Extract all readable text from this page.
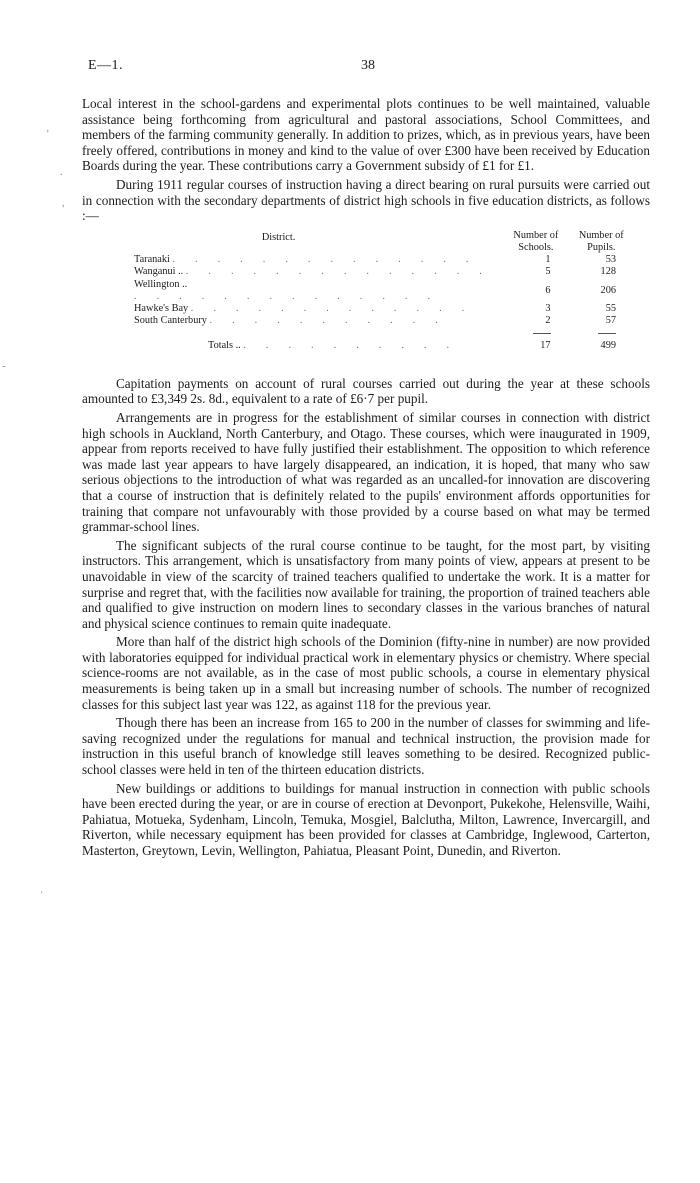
E—1.	38
‚
.
,
-
·

Local interest in the school-gardens and experimental plots continues to be well maintained, valuable assistance being forthcoming from agricultural and pastoral associations, School Committees, and members of the farming community generally. In addition to prizes, which, as in previous years, have been freely offered, contributions in money and kind to the value of over £300 have been received by Education Boards during the year. These contributions carry a Government subsidy of £1 for £1.

During 1911 regular courses of instruction having a direct bearing on rural pursuits were carried out in connection with the secondary departments of district high schools in five education districts, as follows :—

District.	Number of Schools.	Number of Pupils.
Taranaki ..............	1	53
Wanganui .. ..............	5	128
Wellington .. ..............	6	206
Hawke's Bay .............	3	55
South Canterbury ...........	2	57

Totals .. ..........	17	499

Capitation payments on account of rural courses carried out during the year at these schools amounted to £3,349 2s. 8d., equivalent to a rate of £6·7 per pupil.

Arrangements are in progress for the establishment of similar courses in connection with district high schools in Auckland, North Canterbury, and Otago. These courses, which were inaugurated in 1909, appear from reports received to have fully justified their establishment. The opposition to which reference was made last year appears to have largely disappeared, an indication, it is hoped, that many who saw serious objections to the introduction of what was regarded as an uncalled-for innovation are discovering that a course of instruction that is definitely related to the pupils' environment affords opportunities for training that compare not unfavourably with those provided by a course based on what may be termed grammar-school lines.

The significant subjects of the rural course continue to be taught, for the most part, by visiting instructors. This arrangement, which is unsatisfactory from many points of view, appears at present to be unavoidable in view of the scarcity of trained teachers qualified to undertake the work. It is a matter for surprise and regret that, with the facilities now available for training, the proportion of trained teachers able and qualified to give instruction on modern lines to secondary classes in the various branches of natural and physical science continues to remain quite inadequate.

More than half of the district high schools of the Dominion (fifty-nine in number) are now provided with laboratories equipped for individual practical work in elementary physics or chemistry. Where special science-rooms are not available, as in the case of most public schools, a course in elementary physical measurements is being taken up in a small but increasing number of schools. The number of recognized classes for this subject last year was 122, as against 118 for the previous year.

Though there has been an increase from 165 to 200 in the number of classes for swimming and life-saving recognized under the regulations for manual and technical instruction, the provision made for instruction in this useful branch of knowledge still leaves something to be desired. Recognized public-school classes were held in ten of the thirteen education districts.

New buildings or additions to buildings for manual instruction in connection with public schools have been erected during the year, or are in course of erection at Devonport, Pukekohe, Helensville, Waihi, Pahiatua, Motueka, Sydenham, Lincoln, Temuka, Mosgiel, Balclutha, Milton, Lawrence, Invercargill, and Riverton, while necessary equipment has been provided for classes at Cambridge, Inglewood, Carterton, Masterton, Greytown, Levin, Wellington, Pahiatua, Pleasant Point, Dunedin, and Riverton.
